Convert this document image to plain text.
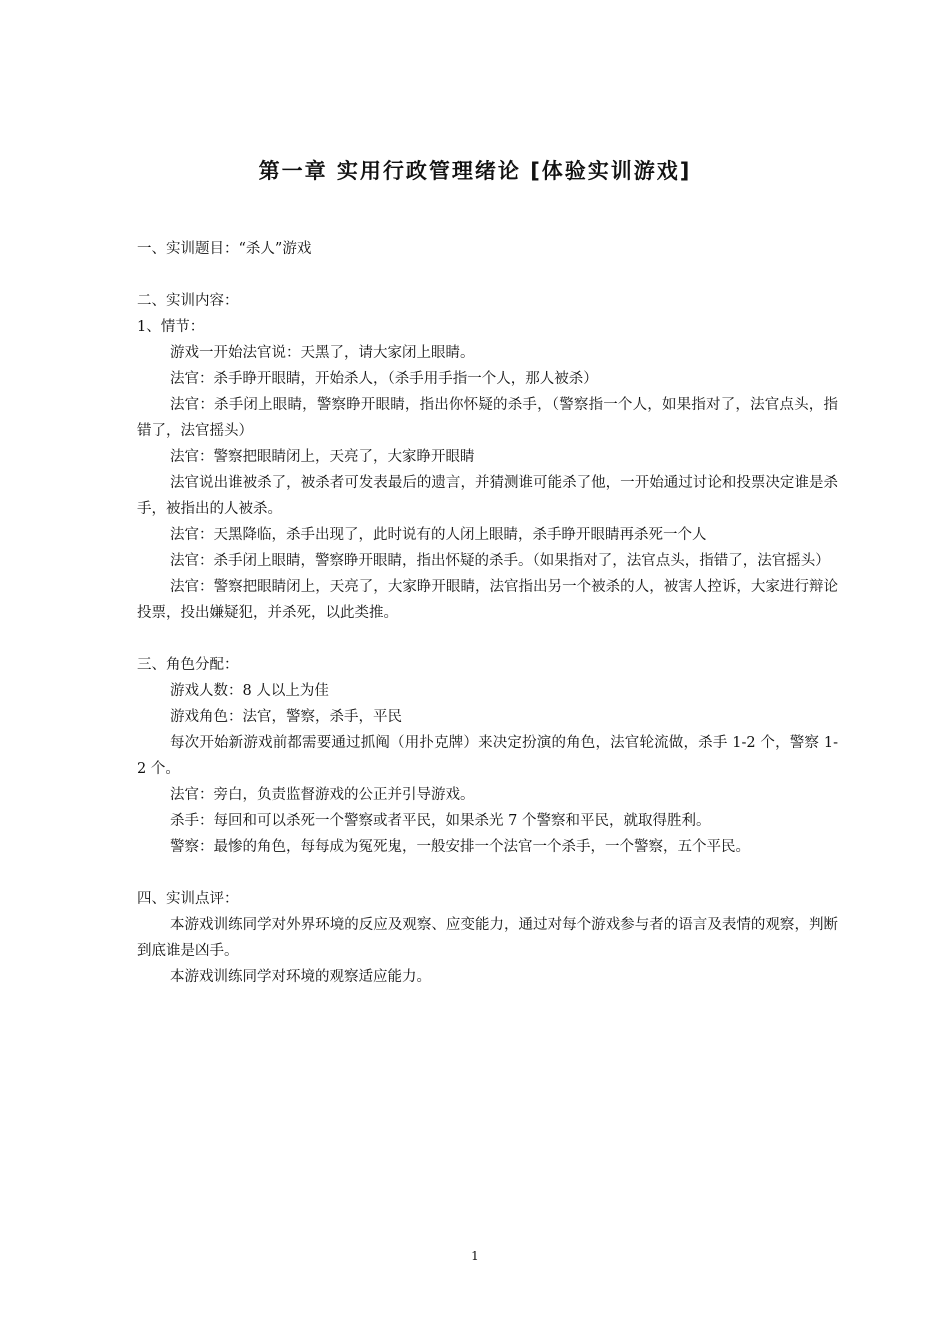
第一章 实用行政管理绪论 [体验实训游戏]

一、实训题目：“杀人”游戏

二、实训内容：

1、情节：

游戏一开始法官说：天黑了，请大家闭上眼睛。

法官：杀手睁开眼睛，开始杀人，（杀手用手指一个人，那人被杀）

法官：杀手闭上眼睛，警察睁开眼睛，指出你怀疑的杀手，（警察指一个人，如果指对了，法官点头，指错了，法官摇头）

法官：警察把眼睛闭上，天亮了，大家睁开眼睛

法官说出谁被杀了，被杀者可发表最后的遗言，并猜测谁可能杀了他，一开始通过讨论和投票决定谁是杀手，被指出的人被杀。

法官：天黑降临，杀手出现了，此时说有的人闭上眼睛，杀手睁开眼睛再杀死一个人

法官：杀手闭上眼睛，警察睁开眼睛，指出怀疑的杀手。（如果指对了，法官点头，指错了，法官摇头）

法官：警察把眼睛闭上，天亮了，大家睁开眼睛，法官指出另一个被杀的人，被害人控诉，大家进行辩论投票，投出嫌疑犯，并杀死，以此类推。

三、角色分配：

游戏人数：8 人以上为佳

游戏角色：法官，警察，杀手，平民

每次开始新游戏前都需要通过抓阄（用扑克牌）来决定扮演的角色，法官轮流做，杀手 1-2 个，警察 1-2 个。

法官：旁白，负责监督游戏的公正并引导游戏。

杀手：每回和可以杀死一个警察或者平民，如果杀光 7 个警察和平民，就取得胜利。

警察：最惨的角色，每每成为冤死鬼，一般安排一个法官一个杀手，一个警察，五个平民。

四、实训点评：

本游戏训练同学对外界环境的反应及观察、应变能力，通过对每个游戏参与者的语言及表情的观察，判断到底谁是凶手。

本游戏训练同学对环境的观察适应能力。

1
